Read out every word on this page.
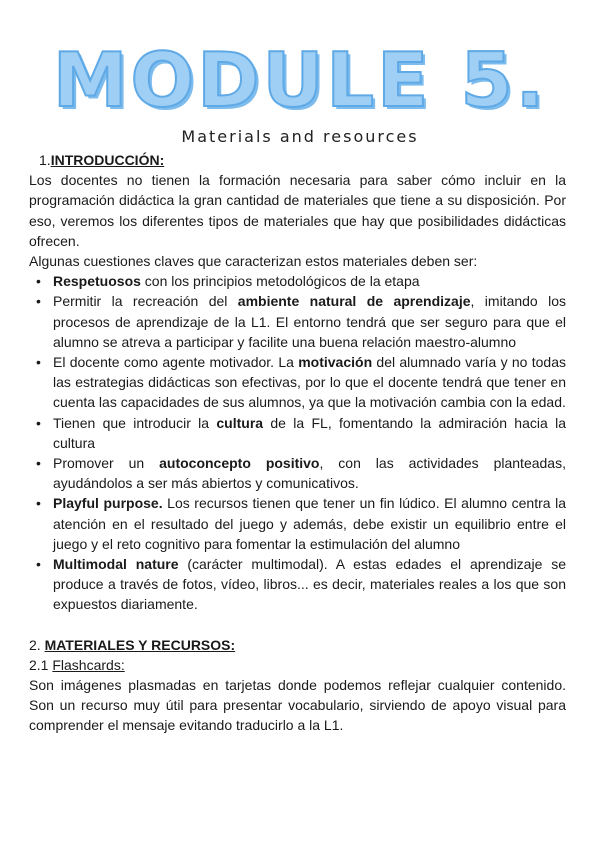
MODULE 5.
Materials and resources
1.INTRODUCCIÓN:

Los docentes no tienen la formación necesaria para saber cómo incluir en la programación didáctica la gran cantidad de materiales que tiene a su disposición. Por eso, veremos los diferentes tipos de materiales que hay que posibilidades didácticas ofrecen.

Algunas cuestiones claves que caracterizan estos materiales deben ser:

• Respetuosos con los principios metodológicos de la etapa
• Permitir la recreación del ambiente natural de aprendizaje, imitando los procesos de aprendizaje de la L1. El entorno tendrá que ser seguro para que el alumno se atreva a participar y facilite una buena relación maestro-alumno
• El docente como agente motivador. La motivación del alumnado varía y no todas las estrategias didácticas son efectivas, por lo que el docente tendrá que tener en cuenta las capacidades de sus alumnos, ya que la motivación cambia con la edad.
• Tienen que introducir la cultura de la FL, fomentando la admiración hacia la cultura
• Promover un autoconcepto positivo, con las actividades planteadas, ayudándolos a ser más abiertos y comunicativos.
• Playful purpose. Los recursos tienen que tener un fin lúdico. El alumno centra la atención en el resultado del juego y además, debe existir un equilibrio entre el juego y el reto cognitivo para fomentar la estimulación del alumno
• Multimodal nature (carácter multimodal). A estas edades el aprendizaje se produce a través de fotos, vídeo, libros... es decir, materiales reales a los que son expuestos diariamente.
2. MATERIALES Y RECURSOS:
2.1 Flashcards:

Son imágenes plasmadas en tarjetas donde podemos reflejar cualquier contenido. Son un recurso muy útil para presentar vocabulario, sirviendo de apoyo visual para comprender el mensaje evitando traducirlo a la L1.
